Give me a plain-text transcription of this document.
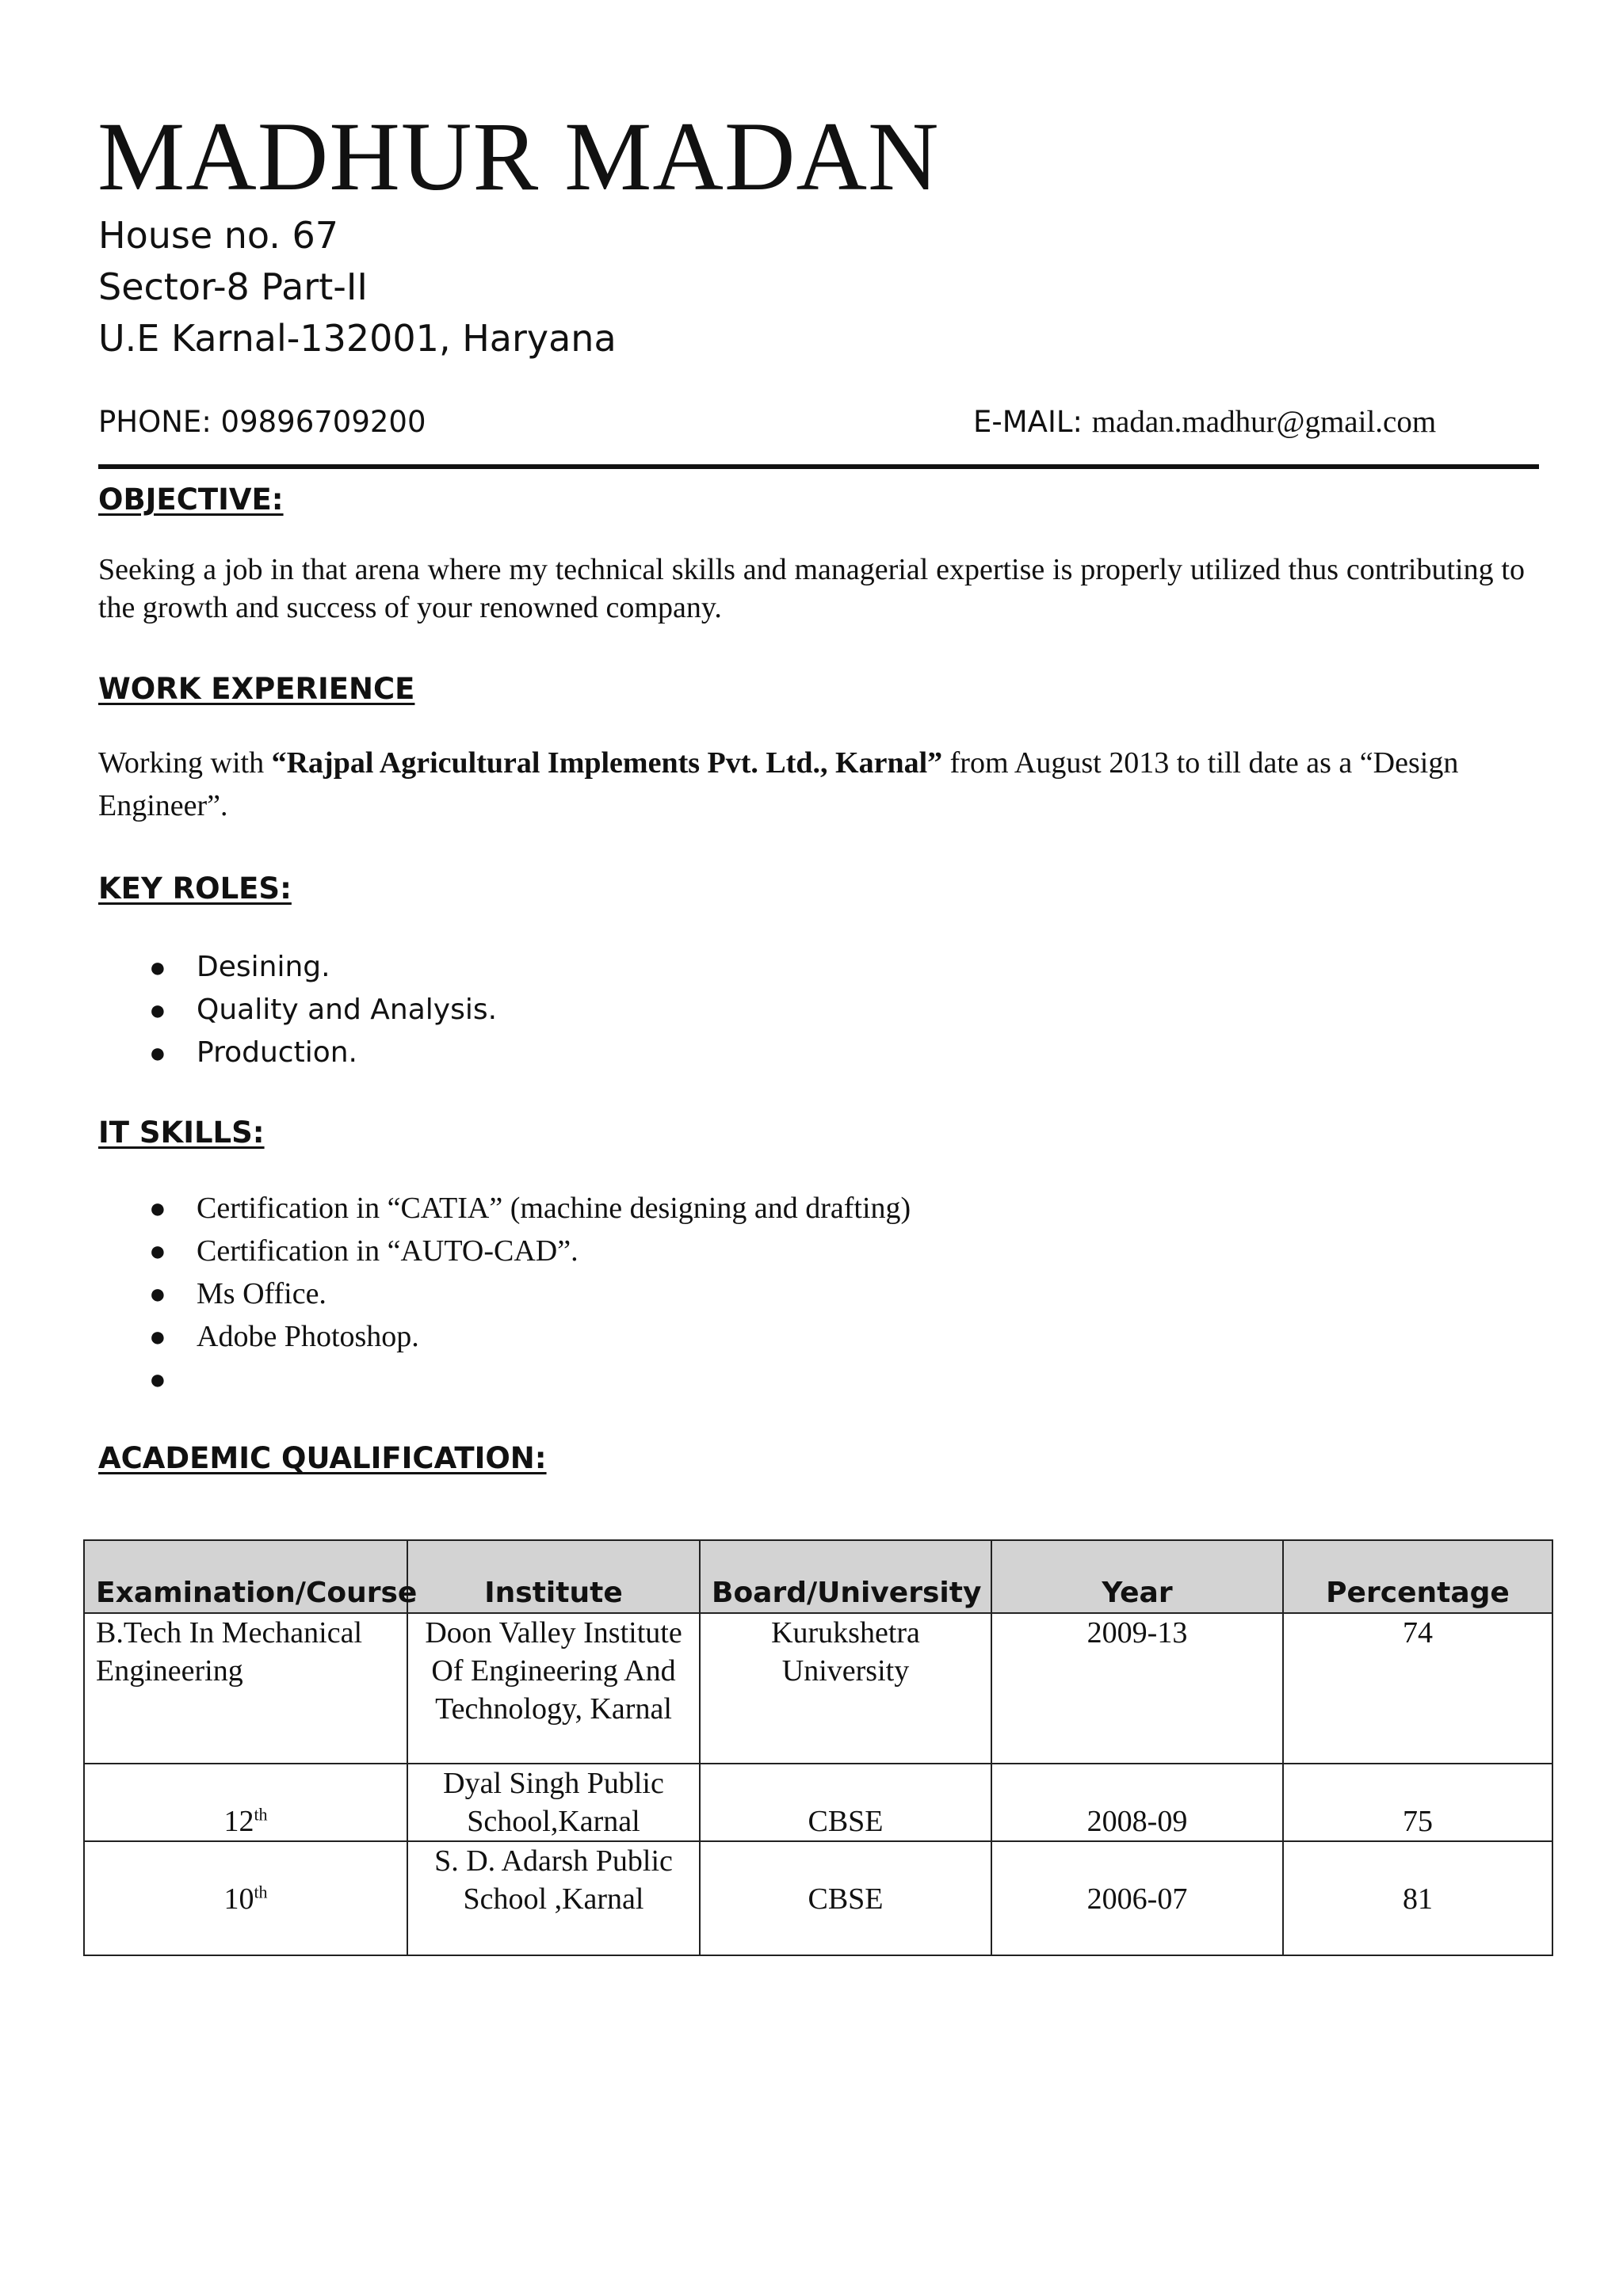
MADHUR MADAN
House no. 67
Sector-8 Part-II
U.E Karnal-132001, Haryana
PHONE: 09896709200	E-MAIL: madan.madhur@gmail.com
OBJECTIVE:

Seeking a job in that arena where my technical skills and managerial expertise is properly utilized thus contributing to the growth and success of your renowned company.

WORK EXPERIENCE

Working with “Rajpal Agricultural Implements Pvt. Ltd., Karnal” from August 2013 to till date as a “Design Engineer”.

KEY ROLES:
● Desining.
● Quality and Analysis.
● Production.
IT SKILLS:
● Certification in “CATIA” (machine designing and drafting)
● Certification in “AUTO-CAD”.
● Ms Office.
● Adobe Photoshop.
●
ACADEMIC QUALIFICATION:
Examination/Course	Institute	Board/University	Year	Percentage
B.Tech In Mechanical Engineering	Doon Valley Institute Of Engineering And Technology, Karnal	Kurukshetra University	2009-13	74
12th	Dyal Singh Public School,Karnal	CBSE	2008-09	75
10th	S. D. Adarsh Public School ,Karnal	CBSE	2006-07	81
